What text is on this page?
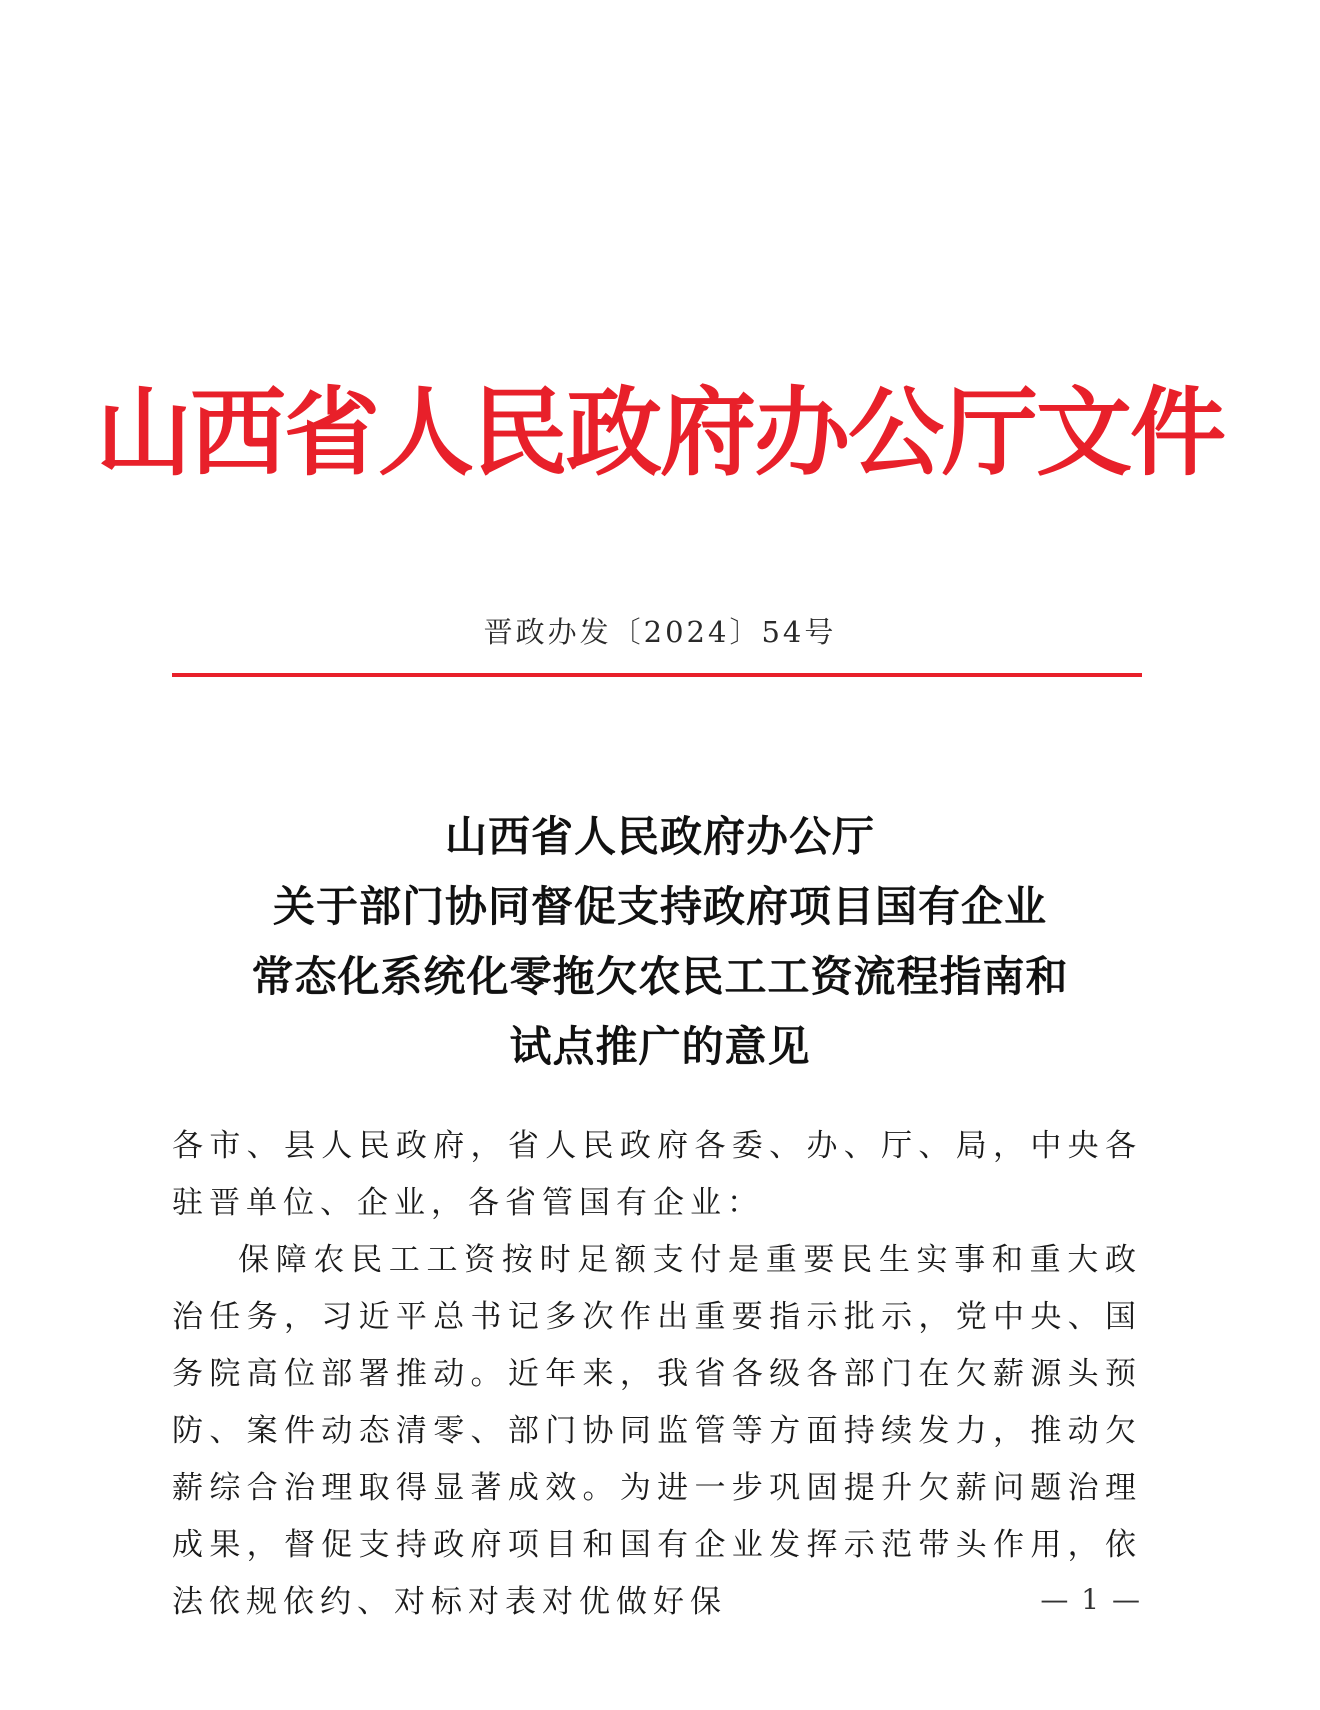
山西省人民政府办公厅文件
晋政办发〔2024〕54号
山西省人民政府办公厅
关于部门协同督促支持政府项目国有企业
常态化系统化零拖欠农民工工资流程指南和
试点推广的意见

各市、县人民政府，省人民政府各委、办、厅、局，中央各驻晋单位、企业，各省管国有企业：

保障农民工工资按时足额支付是重要民生实事和重大政治任务，习近平总书记多次作出重要指示批示，党中央、国务院高位部署推动。近年来，我省各级各部门在欠薪源头预防、案件动态清零、部门协同监管等方面持续发力，推动欠薪综合治理取得显著成效。为进一步巩固提升欠薪问题治理成果，督促支持政府项目和国有企业发挥示范带头作用，依法依规依约、对标对表对优做好保	— 1 —
